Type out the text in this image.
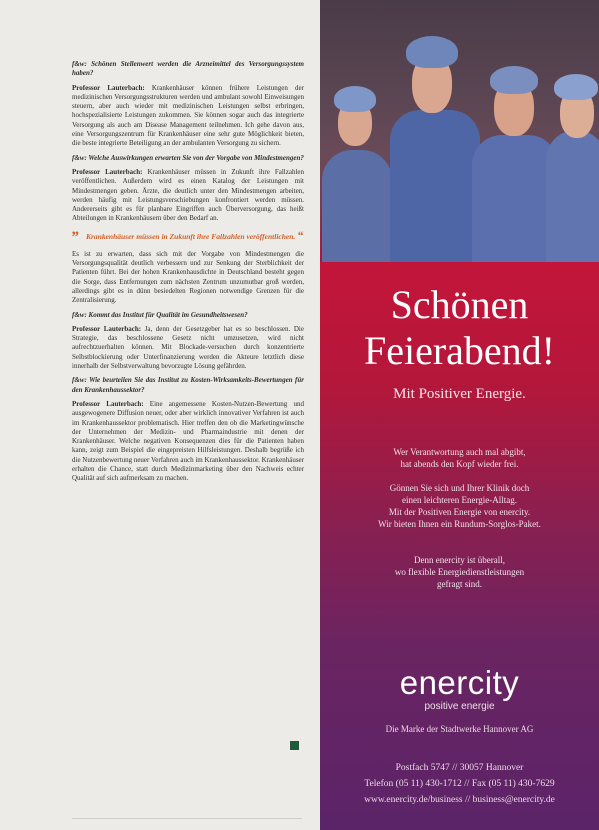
f&w: Schönen Stellenwert werden die Arzneimittel des Versorgungssystem haben?

Professor Lauterbach: Krankenhäuser können frühere Leistungen der medizinischen Versorgungsstrukturen werden und ambulant sowohl Einweisungen steuern, aber auch wieder mit medizinischen Leistungen selbst erbringen, hochspezialisierte Leistungen zukommen. Sie können sogar auch das integrierte Versorgung als auch am Disease Management teilnehmen. Ich gehe davon aus, eine Versorgungszentrum für Krankenhäuser eine sehr gute Möglichkeit bieten, die beste integrierte Beteiligung an der ambulanten Versorgung zu sichern.

f&w: Welche Auswirkungen erwarten Sie von der Vorgabe von Mindestmengen?

Professor Lauterbach: Krankenhäuser müssen in Zukunft ihre Fallzahlen veröffentlichen. Außerdem wird es einen Katalog der Leistungen mit Mindestmengen geben. Ärzte, die deutlich unter den Mindestmengen arbeiten, werden häufig mit Leistungsverschiebungen konfrontiert werden müssen. Andererseits gibt es für planbare Eingriffen auch Überversorgung, das heißt Abteilungen in Krankenhäusern über den Bedarf an.

„ Krankenhäuser müssen in Zukunft ihre Fallzahlen veröffentlichen. “

Es ist zu erwarten, dass sich mit der Vorgabe von Mindestmengen die Versorgungsqualität deutlich verbessern und zur Senkung der Sterblichkeit der Patienten führt. Bei der hohen Krankenhausdichte in Deutschland besteht gegen die Sorge, dass Entfernungen zum nächsten Zentrum unzumutbar groß werden, allerdings gibt es in dünn besiedelten Regionen notwendige Grenzen für die Zentralisierung.

f&w: Kommt das Institut für Qualität im Gesundheitswesen?

Professor Lauterbach: Ja, denn der Gesetzgeber hat es so beschlossen. Die Strategie, das beschlossene Gesetz nicht umzusetzen, wird nicht aufrechtzuerhalten können. Mit Blockade-versuchen durch konzentrierte Selbstblockierung oder Unterfinanzierung werden die Akteure letztlich diese innerhalb der Selbstverwaltung bevorzugte Lösung gefährden.

f&w: Wie beurteilen Sie das Institut zu Kosten-Wirksamkeits-Bewertungen für den Krankenhaussektor?

Professor Lauterbach: Eine angemessene Kosten-Nutzen-Bewertung und ausgewogenere Diffusion neuer, oder aber wirklich innovativer Verfahren ist auch im Krankenhaussektor problematisch. Hier treffen den ob die Marketingwünsche der Unternehmen der Medizin- und Pharmaindustrie mit denen der Krankenhäuser. Welche negativen Konsequenzen dies für die Patienten haben kann, zeigt zum Beispiel die eingepreisten Hilfsleistungen. Deshalb begrüße ich die Nutzenbewertung neuer Verfahren auch im Krankenhaussektor. Krankenhäuser erhalten die Chance, statt durch Medizinmarketing über den Nachweis echter Qualität auf sich aufmerksam zu machen.

Schönen
Feierabend!
Mit Positiver Energie.
Wer Verantwortung auch mal abgibt,
hat abends den Kopf wieder frei.
Gönnen Sie sich und Ihrer Klinik doch
einen leichteren Energie-Alltag.
Mit der Positiven Energie von enercity.
Wir bieten Ihnen ein Rundum-Sorglos-Paket.
Denn enercity ist überall,
wo flexible Energiedienstleistungen
gefragt sind.
enercity
positive energie
Die Marke der Stadtwerke Hannover AG
Postfach 5747 // 30057 Hannover
Telefon (05 11) 430-1712 // Fax (05 11) 430-7629
www.enercity.de/business // business@enercity.de
